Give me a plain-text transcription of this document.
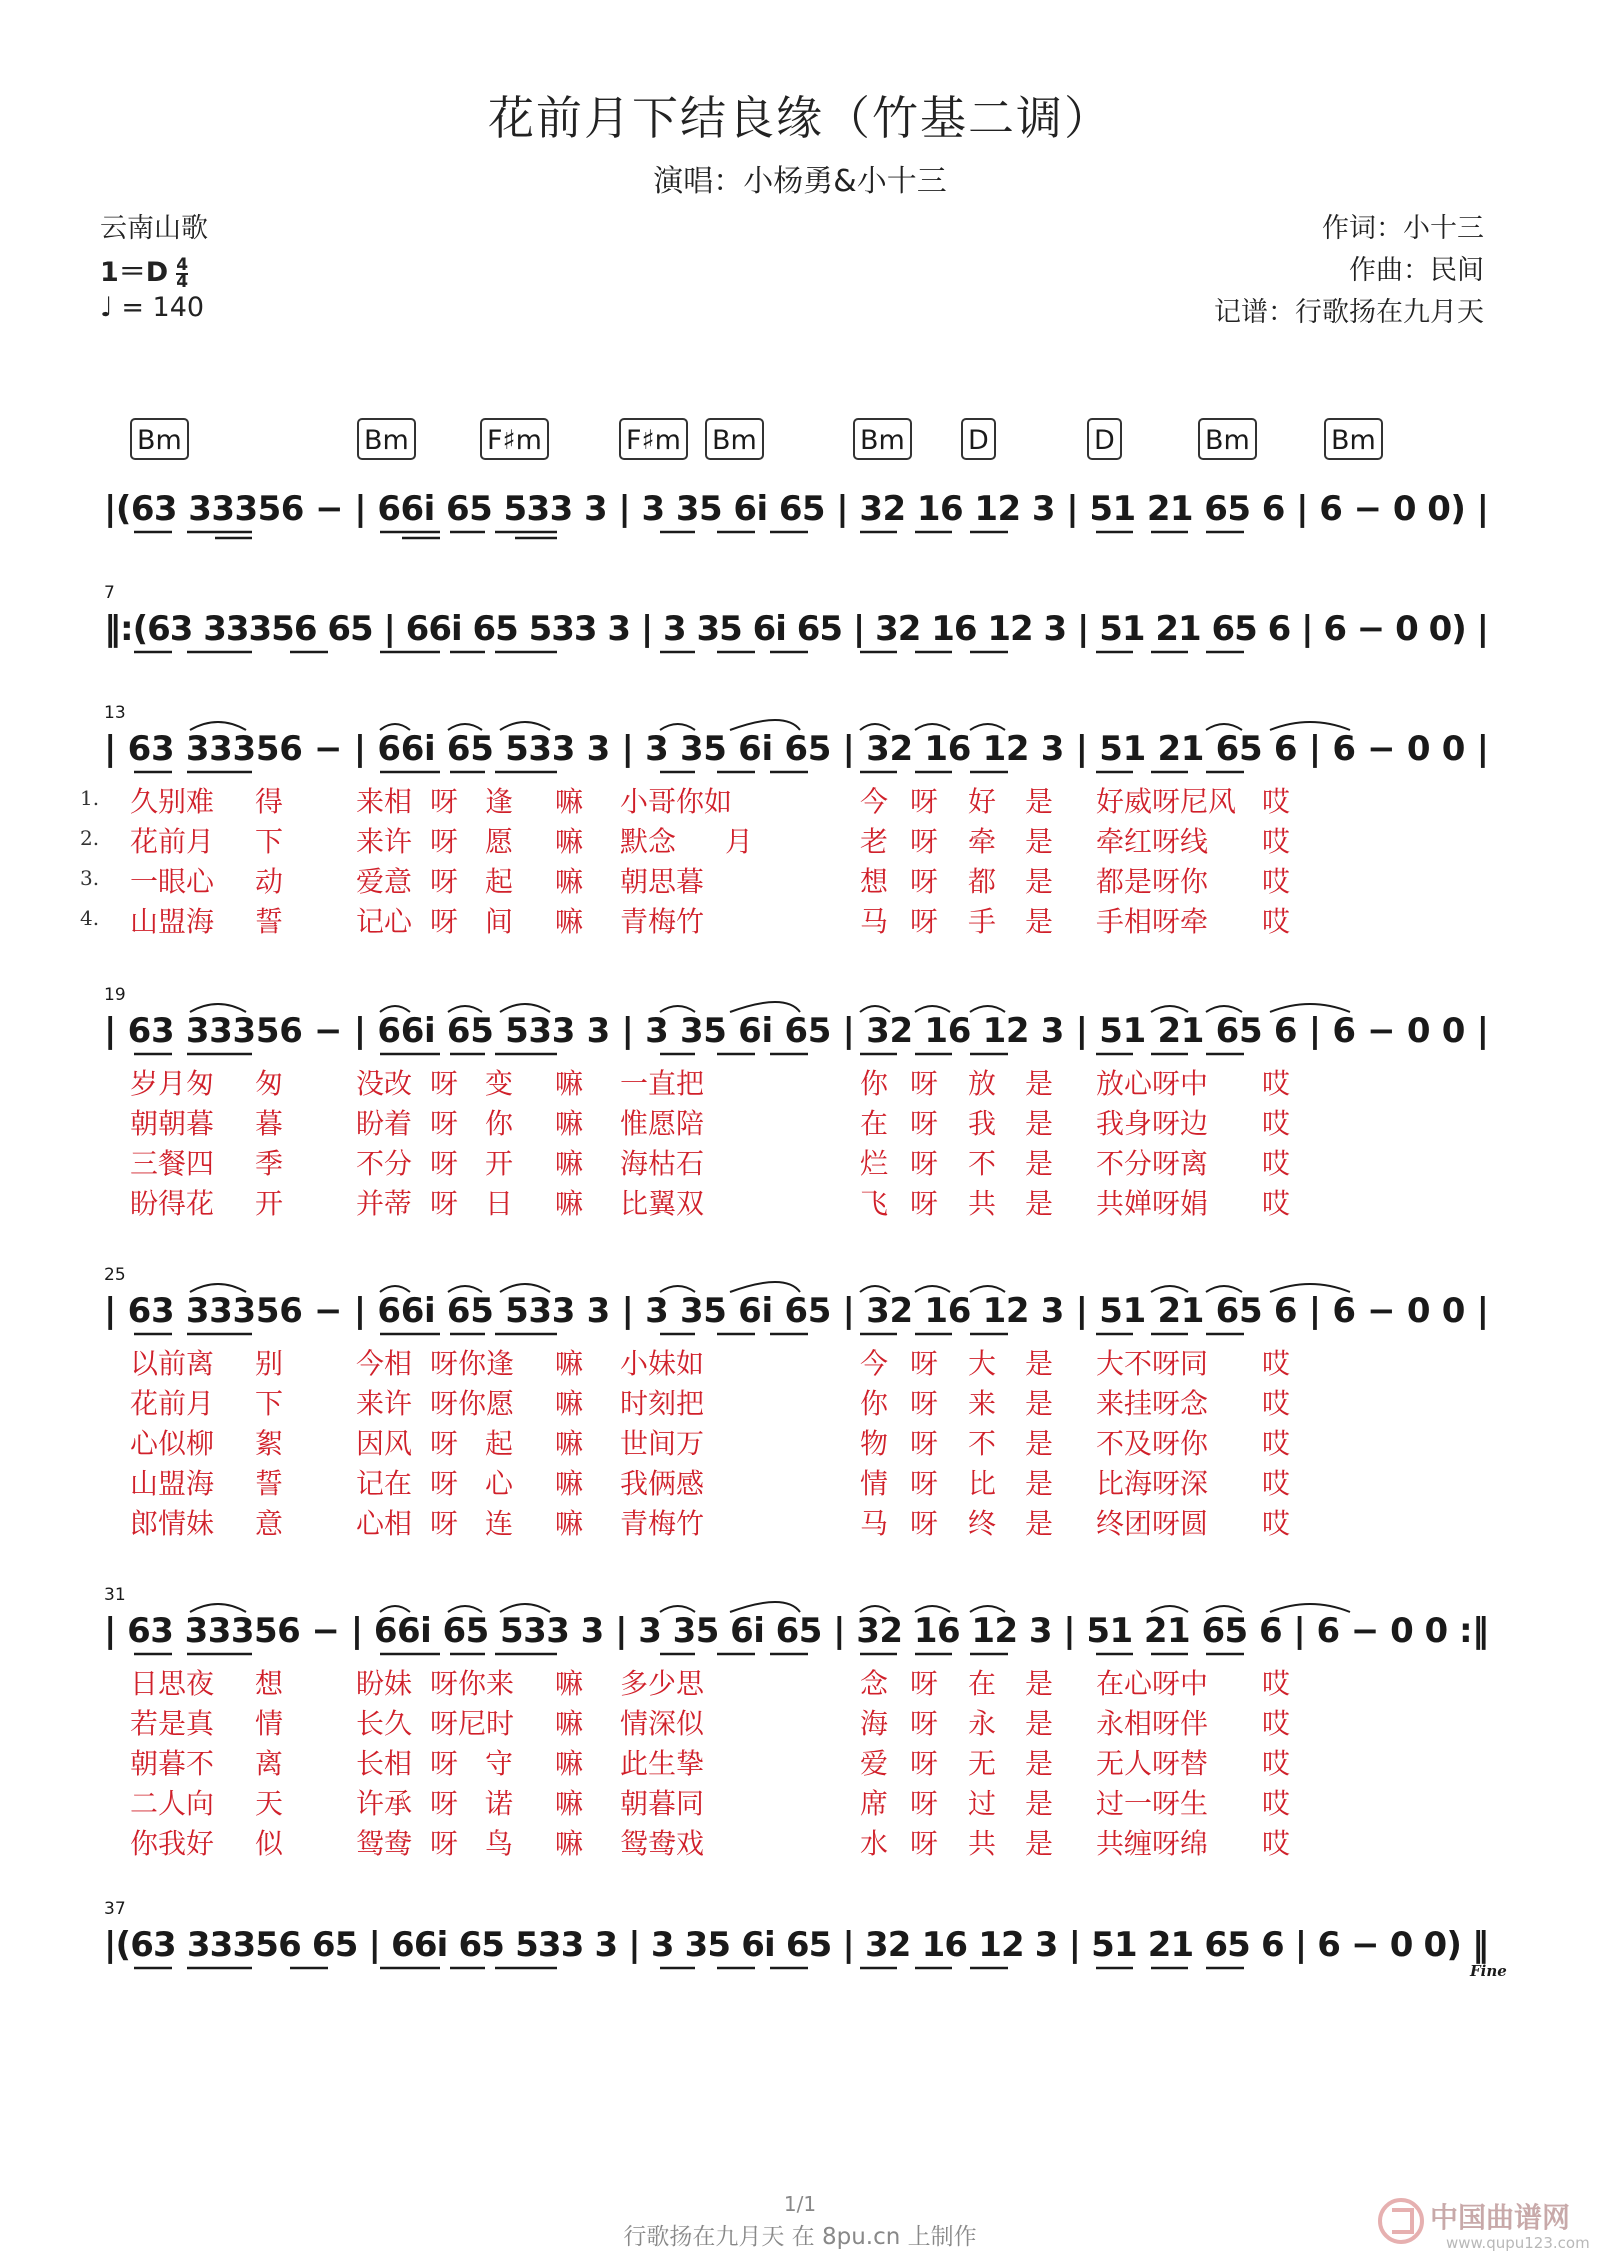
花前月下结良缘（竹基二调）
演唱：小杨勇&小十三
云南山歌
$1=D \frac{4}{4}$
♩ = 140
作词：小十三
作曲：民间
记谱：行歌扬在九月天
Bm	Bm	F♯m	F♯m Bm	Bm D	D	Bm	Bm
|(63 33356 − | 66i 65 533 3 | 3 35 6i 65 | 32 16 12 3 | 51 21 65 6 | 6 − 0 0) |
7
‖:(63 33356 65 | 66i 65 533 3 | 3 35 6i 65 | 32 16 12 3 | 51 21 65 6 | 6 − 0 0) |
13
| 63 33356 − | 66i 65 533 3 | 3 35 6i 65 | 32 16 12 3 | 51 21 65 6 | 6 − 0 0 |
1. 久别难 得	来相 呀 逢 嘛 小哥你如	今 呀 好 是 好威呀尼风 哎
2. 花前月 下	来许 呀 愿 嘛 默念 月	老 呀 牵 是 牵红呀线 哎
3. 一眼心 动	爱意 呀 起 嘛 朝思暮	想 呀 都 是 都是呀你 哎
4. 山盟海 誓	记心 呀 间 嘛 青梅竹	马 呀 手 是 手相呀牵 哎
19
| 63 33356 − | 66i 65 533 3 | 3 35 6i 65 | 32 16 12 3 | 51 21 65 6 | 6 − 0 0 |
岁月匆 匆	没改 呀 变 嘛 一直把	你 呀 放 是 放心呀中 哎
朝朝暮 暮	盼着 呀 你 嘛 惟愿陪	在 呀 我 是 我身呀边 哎
三餐四 季	不分 呀 开 嘛 海枯石	烂 呀 不 是 不分呀离 哎
盼得花 开	并蒂 呀 日 嘛 比翼双	飞 呀 共 是 共婵呀娟 哎
25
| 63 33356 − | 66i 65 533 3 | 3 35 6i 65 | 32 16 12 3 | 51 21 65 6 | 6 − 0 0 |
以前离 别	今相 呀你逢 嘛 小妹如	今 呀 大 是 大不呀同 哎
花前月 下	来许 呀你愿 嘛 时刻把	你 呀 来 是 来挂呀念 哎
心似柳 絮	因风 呀 起 嘛 世间万	物 呀 不 是 不及呀你 哎
山盟海 誓	记在 呀 心 嘛 我俩感	情 呀 比 是 比海呀深 哎
郎情妹 意	心相 呀 连 嘛 青梅竹	马 呀 终 是 终团呀圆 哎
31
| 63 33356 − | 66i 65 533 3 | 3 35 6i 65 | 32 16 12 3 | 51 21 65 6 | 6 − 0 0 :‖
日思夜 想	盼妹 呀你来 嘛 多少思	念 呀 在 是 在心呀中 哎
若是真 情	长久 呀尼时 嘛 情深似	海 呀 永 是 永相呀伴 哎
朝暮不 离	长相 呀 守 嘛 此生挚	爱 呀 无 是 无人呀替 哎
二人向 天	许承 呀 诺 嘛 朝暮同	席 呀 过 是 过一呀生 哎
你我好 似	鸳鸯 呀 鸟 嘛 鸳鸯戏	水 呀 共 是 共缠呀绵 哎
37
|(63 33356 65 | 66i 65 533 3 | 3 35 6i 65 | 32 16 12 3 | 51 21 65 6 | 6 − 0 0) ‖
Fine
1/1
行歌扬在九月天 在 8pu.cn 上制作
中国曲谱网
www.qupu123.com
